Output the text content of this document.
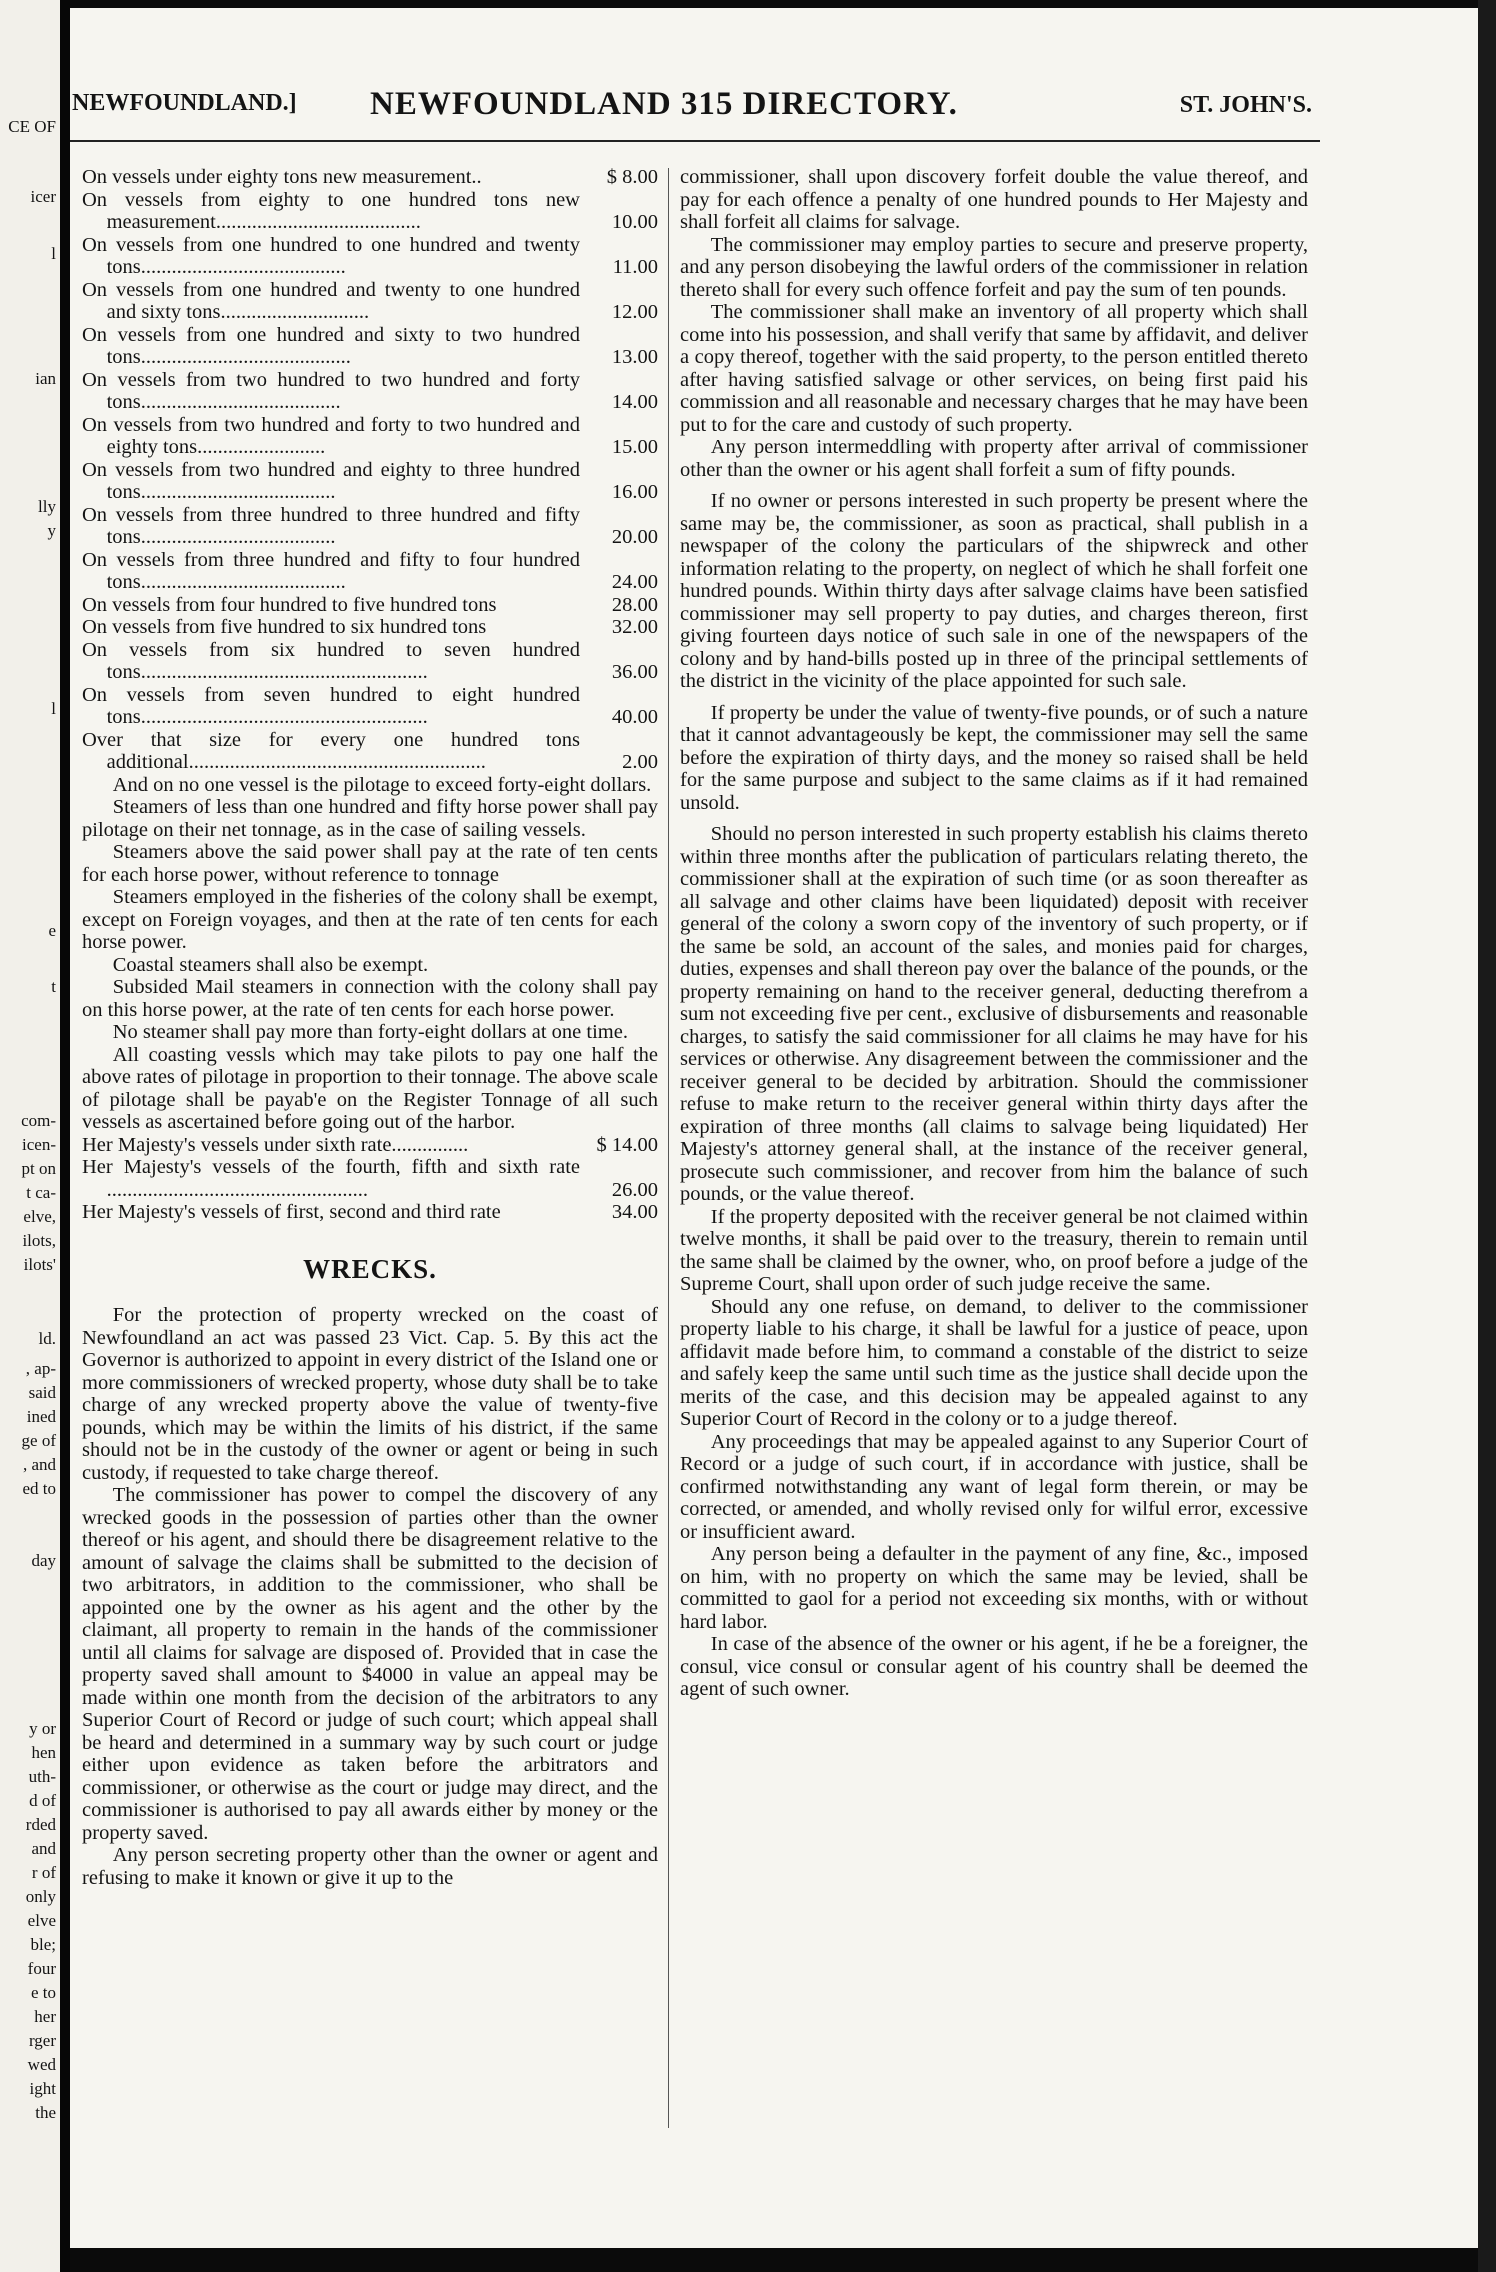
CE OF
icer
l
ian
lly
y
l
e
t
com-
icen-
pt on
t ca-
elve,
ilots,
ilots'
ld.
, ap-
said
ined
ge of
, and
ed to
day
y or
hen
uth-
d of
rded
and
r of
only
elve
ble;
four
e to
her
rger
wed
ight
the
NEWFOUNDLAND.] NEWFOUNDLAND 315 DIRECTORY.	ST. JOHN'S.
On vessels under eighty tons new measurement..	$ 8.00
On vessels from eighty to one hundred tons new measurement........................................	10.00
On vessels from one hundred to one hundred and twenty tons........................................	11.00
On vessels from one hundred and twenty to one hundred and sixty tons.............................	12.00
On vessels from one hundred and sixty to two hundred tons.........................................	13.00
On vessels from two hundred to two hundred and forty tons.......................................	14.00
On vessels from two hundred and forty to two hundred and eighty tons.........................	15.00
On vessels from two hundred and eighty to three hundred tons......................................	16.00
On vessels from three hundred to three hundred and fifty tons......................................	20.00
On vessels from three hundred and fifty to four hundred tons........................................	24.00
On vessels from four hundred to five hundred tons	28.00
On vessels from five hundred to six hundred tons	32.00
On vessels from six hundred to seven hundred tons........................................................	36.00
On vessels from seven hundred to eight hundred tons........................................................	40.00
Over that size for every one hundred tons additional..........................................................	2.00

And on no one vessel is the pilotage to exceed forty-eight dollars.

Steamers of less than one hundred and fifty horse power shall pay pilotage on their net tonnage, as in the case of sailing vessels.

Steamers above the said power shall pay at the rate of ten cents for each horse power, without reference to tonnage

Steamers employed in the fisheries of the colony shall be exempt, except on Foreign voyages, and then at the rate of ten cents for each horse power.

Coastal steamers shall also be exempt.

Subsided Mail steamers in connection with the colony shall pay on this horse power, at the rate of ten cents for each horse power.

No steamer shall pay more than forty-eight dollars at one time.

All coasting vessls which may take pilots to pay one half the above rates of pilotage in proportion to their tonnage. The above scale of pilotage shall be payab'e on the Register Tonnage of all such vessels as ascertained before going out of the harbor.

Her Majesty's vessels under sixth rate...............	$ 14.00
Her Majesty's vessels of the fourth, fifth and sixth rate ...................................................	26.00
Her Majesty's vessels of first, second and third rate	34.00
WRECKS.

For the protection of property wrecked on the coast of Newfoundland an act was passed 23 Vict. Cap. 5. By this act the Governor is authorized to appoint in every district of the Island one or more commissioners of wrecked property, whose duty shall be to take charge of any wrecked property above the value of twenty-five pounds, which may be within the limits of his district, if the same should not be in the custody of the owner or agent or being in such custody, if requested to take charge thereof.

The commissioner has power to compel the discovery of any wrecked goods in the possession of parties other than the owner thereof or his agent, and should there be disagreement relative to the amount of salvage the claims shall be submitted to the decision of two arbitrators, in addition to the commissioner, who shall be appointed one by the owner as his agent and the other by the claimant, all property to remain in the hands of the commissioner until all claims for salvage are disposed of. Provided that in case the property saved shall amount to $4000 in value an appeal may be made within one month from the decision of the arbitrators to any Superior Court of Record or judge of such court; which appeal shall be heard and determined in a summary way by such court or judge either upon evidence as taken before the arbitrators and commissioner, or otherwise as the court or judge may direct, and the commissioner is authorised to pay all awards either by money or the property saved.

Any person secreting property other than the owner or agent and refusing to make it known or give it up to the

commissioner, shall upon discovery forfeit double the value thereof, and pay for each offence a penalty of one hundred pounds to Her Majesty and shall forfeit all claims for salvage.

The commissioner may employ parties to secure and preserve property, and any person disobeying the lawful orders of the commissioner in relation thereto shall for every such offence forfeit and pay the sum of ten pounds.

The commissioner shall make an inventory of all property which shall come into his possession, and shall verify that same by affidavit, and deliver a copy thereof, together with the said property, to the person entitled thereto after having satisfied salvage or other services, on being first paid his commission and all reasonable and necessary charges that he may have been put to for the care and custody of such property.

Any person intermeddling with property after arrival of commissioner other than the owner or his agent shall forfeit a sum of fifty pounds.

If no owner or persons interested in such property be present where the same may be, the commissioner, as soon as practical, shall publish in a newspaper of the colony the particulars of the shipwreck and other information relating to the property, on neglect of which he shall forfeit one hundred pounds. Within thirty days after salvage claims have been satisfied commissioner may sell property to pay duties, and charges thereon, first giving fourteen days notice of such sale in one of the newspapers of the colony and by hand-bills posted up in three of the principal settlements of the district in the vicinity of the place appointed for such sale.

If property be under the value of twenty-five pounds, or of such a nature that it cannot advantageously be kept, the commissioner may sell the same before the expiration of thirty days, and the money so raised shall be held for the same purpose and subject to the same claims as if it had remained unsold.

Should no person interested in such property establish his claims thereto within three months after the publication of particulars relating thereto, the commissioner shall at the expiration of such time (or as soon thereafter as all salvage and other claims have been liquidated) deposit with receiver general of the colony a sworn copy of the inventory of such property, or if the same be sold, an account of the sales, and monies paid for charges, duties, expenses and shall thereon pay over the balance of the pounds, or the property remaining on hand to the receiver general, deducting therefrom a sum not exceeding five per cent., exclusive of disbursements and reasonable charges, to satisfy the said commissioner for all claims he may have for his services or otherwise. Any disagreement between the commissioner and the receiver general to be decided by arbitration. Should the commissioner refuse to make return to the receiver general within thirty days after the expiration of three months (all claims to salvage being liquidated) Her Majesty's attorney general shall, at the instance of the receiver general, prosecute such commissioner, and recover from him the balance of such pounds, or the value thereof.

If the property deposited with the receiver general be not claimed within twelve months, it shall be paid over to the treasury, therein to remain until the same shall be claimed by the owner, who, on proof before a judge of the Supreme Court, shall upon order of such judge receive the same.

Should any one refuse, on demand, to deliver to the commissioner property liable to his charge, it shall be lawful for a justice of peace, upon affidavit made before him, to command a constable of the district to seize and safely keep the same until such time as the justice shall decide upon the merits of the case, and this decision may be appealed against to any Superior Court of Record in the colony or to a judge thereof.

Any proceedings that may be appealed against to any Superior Court of Record or a judge of such court, if in accordance with justice, shall be confirmed notwithstanding any want of legal form therein, or may be corrected, or amended, and wholly revised only for wilful error, excessive or insufficient award.

Any person being a defaulter in the payment of any fine, &c., imposed on him, with no property on which the same may be levied, shall be committed to gaol for a period not exceeding six months, with or without hard labor.

In case of the absence of the owner or his agent, if he be a foreigner, the consul, vice consul or consular agent of his country shall be deemed the agent of such owner.
